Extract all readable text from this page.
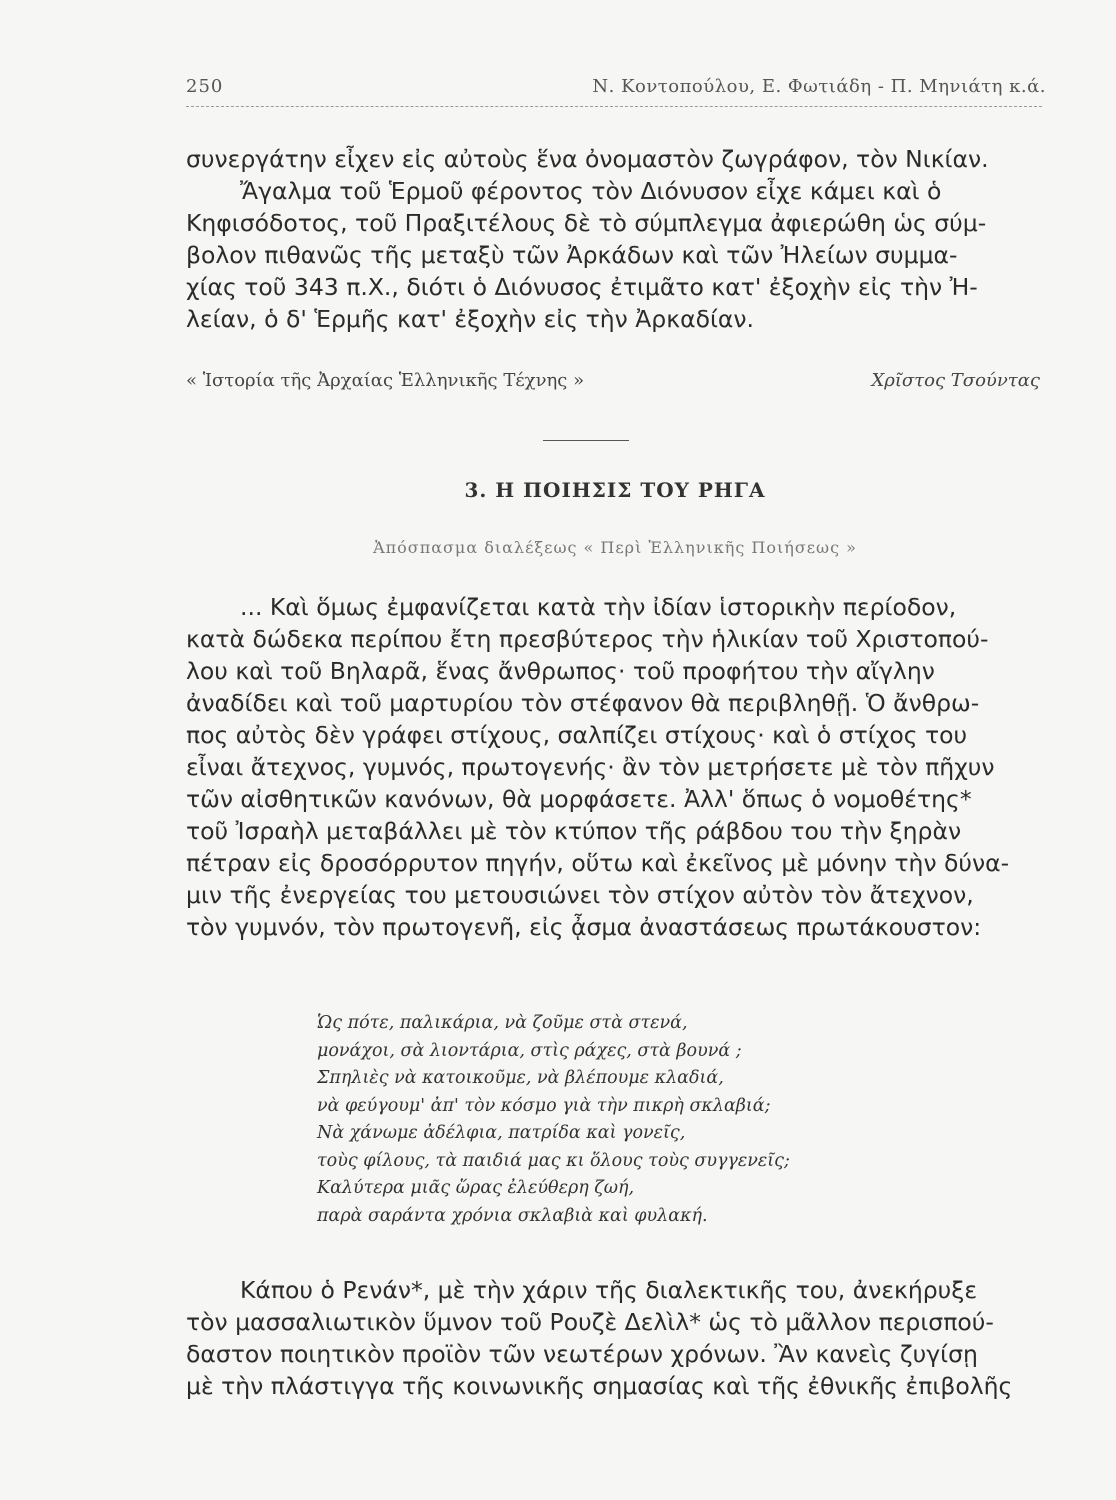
250	Ν. Κοντοπούλου, Ε. Φωτιάδη - Π. Μηνιάτη κ.ά.

συνεργάτην εἶχεν εἰς αὐτοὺς ἕνα ὀνομαστὸν ζωγράφον, τὸν Νικίαν.

Ἄγαλμα τοῦ Ἑρμοῦ φέροντος τὸν Διόνυσον εἶχε κάμει καὶ ὁ

Κηφισόδοτος, τοῦ Πραξιτέλους δὲ τὸ σύμπλεγμα ἀφιερώθη ὡς σύμ-

βολον πιθανῶς τῆς μεταξὺ τῶν Ἀρκάδων καὶ τῶν Ἠλείων συμμα-

χίας τοῦ 343 π.Χ., διότι ὁ Διόνυσος ἐτιμᾶτο κατ' ἐξοχὴν εἰς τὴν Ἠ-

λείαν, ὁ δ' Ἑρμῆς κατ' ἐξοχὴν εἰς τὴν Ἀρκαδίαν.

« Ἱστορία τῆς Ἀρχαίας Ἑλληνικῆς Τέχνης »	Χρῖστος Τσούντας
3. Η ΠΟΙΗΣΙΣ ΤΟΥ ΡΗΓΑ
Ἀπόσπασμα διαλέξεως « Περὶ Ἑλληνικῆς Ποιήσεως »

... Καὶ ὅμως ἐμφανίζεται κατὰ τὴν ἰδίαν ἱστορικὴν περίοδον,

κατὰ δώδεκα περίπου ἔτη πρεσβύτερος τὴν ἡλικίαν τοῦ Χριστοπού-

λου καὶ τοῦ Βηλαρᾶ, ἕνας ἄνθρωπος· τοῦ προφήτου τὴν αἴγλην

ἀναδίδει καὶ τοῦ μαρτυρίου τὸν στέφανον θὰ περιβληθῇ. Ὁ ἄνθρω-

πος αὐτὸς δὲν γράφει στίχους, σαλπίζει στίχους· καὶ ὁ στίχος του

εἶναι ἄτεχνος, γυμνός, πρωτογενής· ἂν τὸν μετρήσετε μὲ τὸν πῆχυν

τῶν αἰσθητικῶν κανόνων, θὰ μορφάσετε. Ἀλλ' ὅπως ὁ νομοθέτης*

τοῦ Ἰσραὴλ μεταβάλλει μὲ τὸν κτύπον τῆς ράβδου του τὴν ξηρὰν

πέτραν εἰς δροσόρρυτον πηγήν, οὕτω καὶ ἐκεῖνος μὲ μόνην τὴν δύνα-

μιν τῆς ἐνεργείας του μετουσιώνει τὸν στίχον αὐτὸν τὸν ἄτεχνον,

τὸν γυμνόν, τὸν πρωτογενῆ, εἰς ᾆσμα ἀναστάσεως πρωτάκουστον:

Ὡς πότε, παλικάρια, νὰ ζοῦμε στὰ στενά,
μονάχοι, σὰ λιοντάρια, στὶς ράχες, στὰ βουνά ;
Σπηλιὲς νὰ κατοικοῦμε, νὰ βλέπουμε κλαδιά,
νὰ φεύγουμ' ἀπ' τὸν κόσμο γιὰ τὴν πικρὴ σκλαβιά;
Νὰ χάνωμε ἀδέλφια, πατρίδα καὶ γονεῖς,
τοὺς φίλους, τὰ παιδιά μας κι ὅλους τοὺς συγγενεῖς;
Καλύτερα μιᾶς ὥρας ἐλεύθερη ζωή,
παρὰ σαράντα χρόνια σκλαβιὰ καὶ φυλακή.

Κάπου ὁ Ρενάν*, μὲ τὴν χάριν τῆς διαλεκτικῆς του, ἀνεκήρυξε

τὸν μασσαλιωτικὸν ὕμνον τοῦ Ρουζὲ Δελὶλ* ὡς τὸ μᾶλλον περισπού-

δαστον ποιητικὸν προϊὸν τῶν νεωτέρων χρόνων. Ἂν κανεὶς ζυγίσῃ

μὲ τὴν πλάστιγγα τῆς κοινωνικῆς σημασίας καὶ τῆς ἐθνικῆς ἐπιβολῆς
